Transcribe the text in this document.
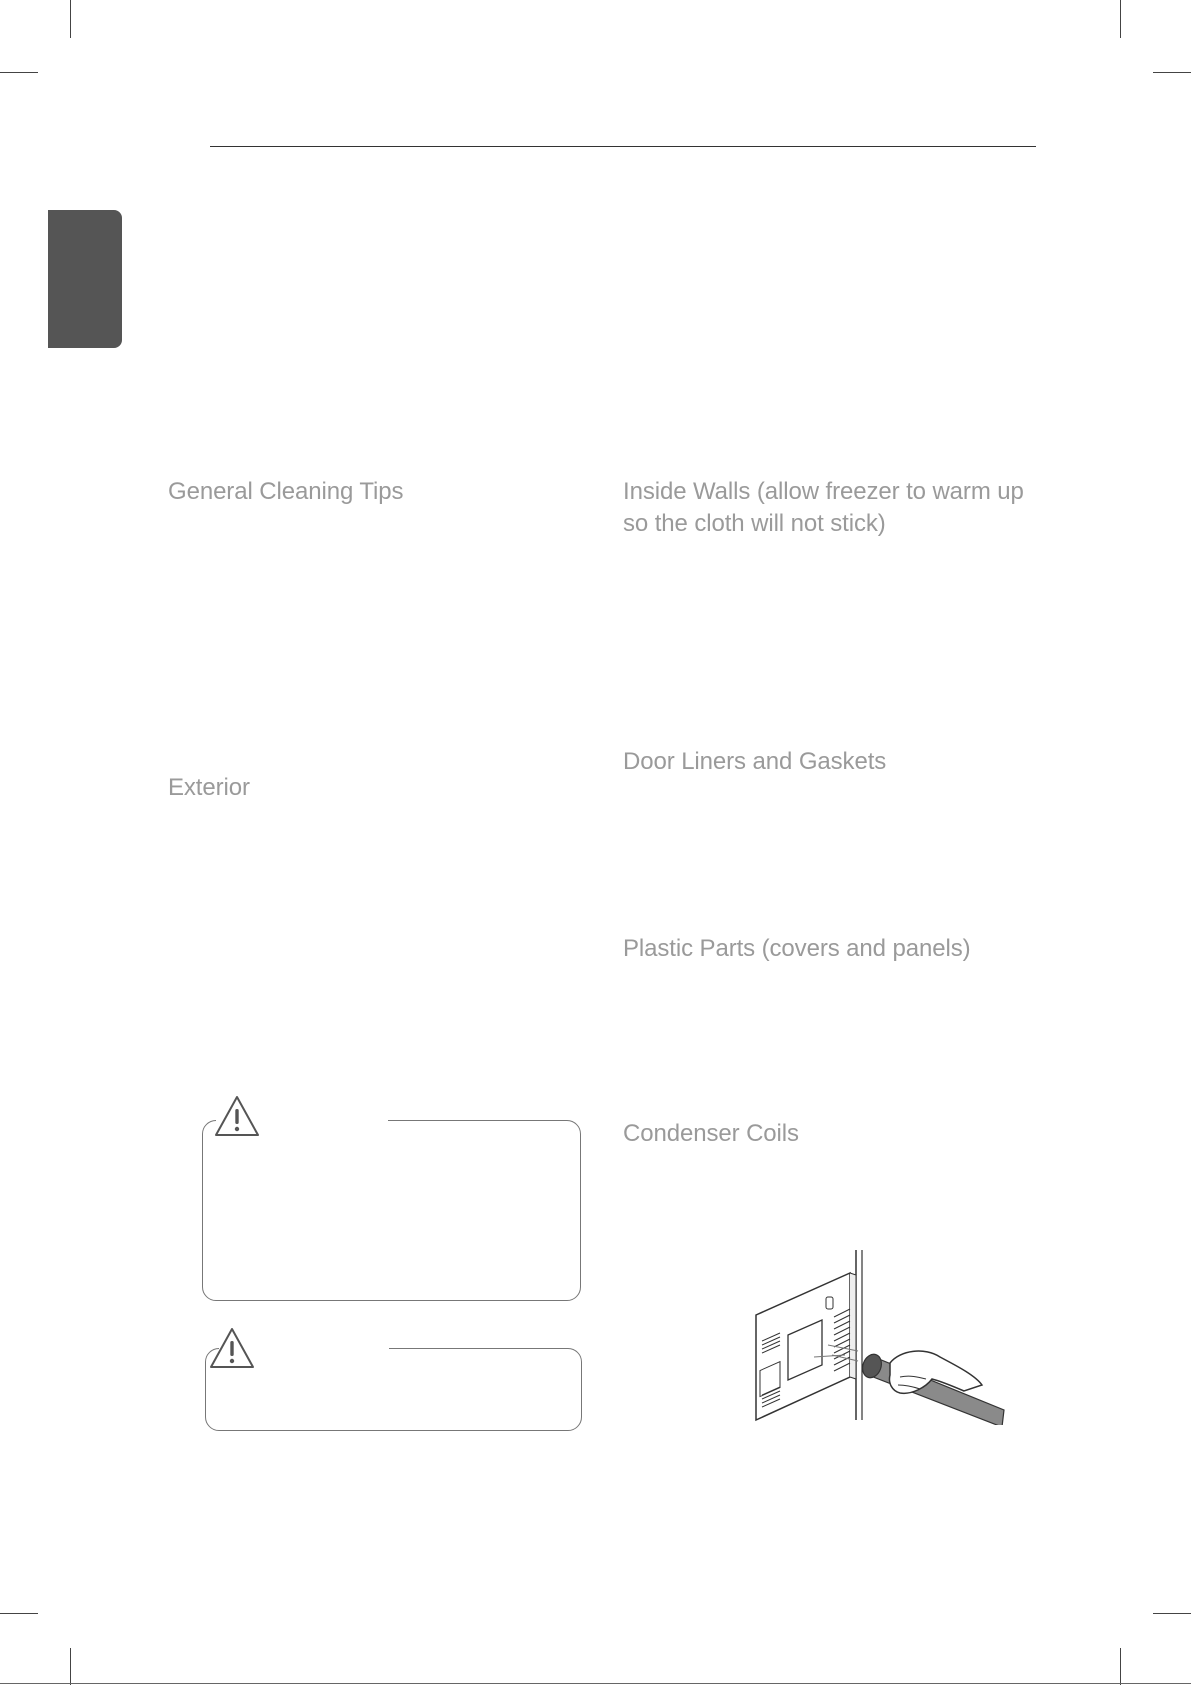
General Cleaning Tips
Exterior
Inside Walls (allow freezer to warm up so the cloth will not stick)
Door Liners and Gaskets
Plastic Parts (covers and panels)
Condenser Coils
